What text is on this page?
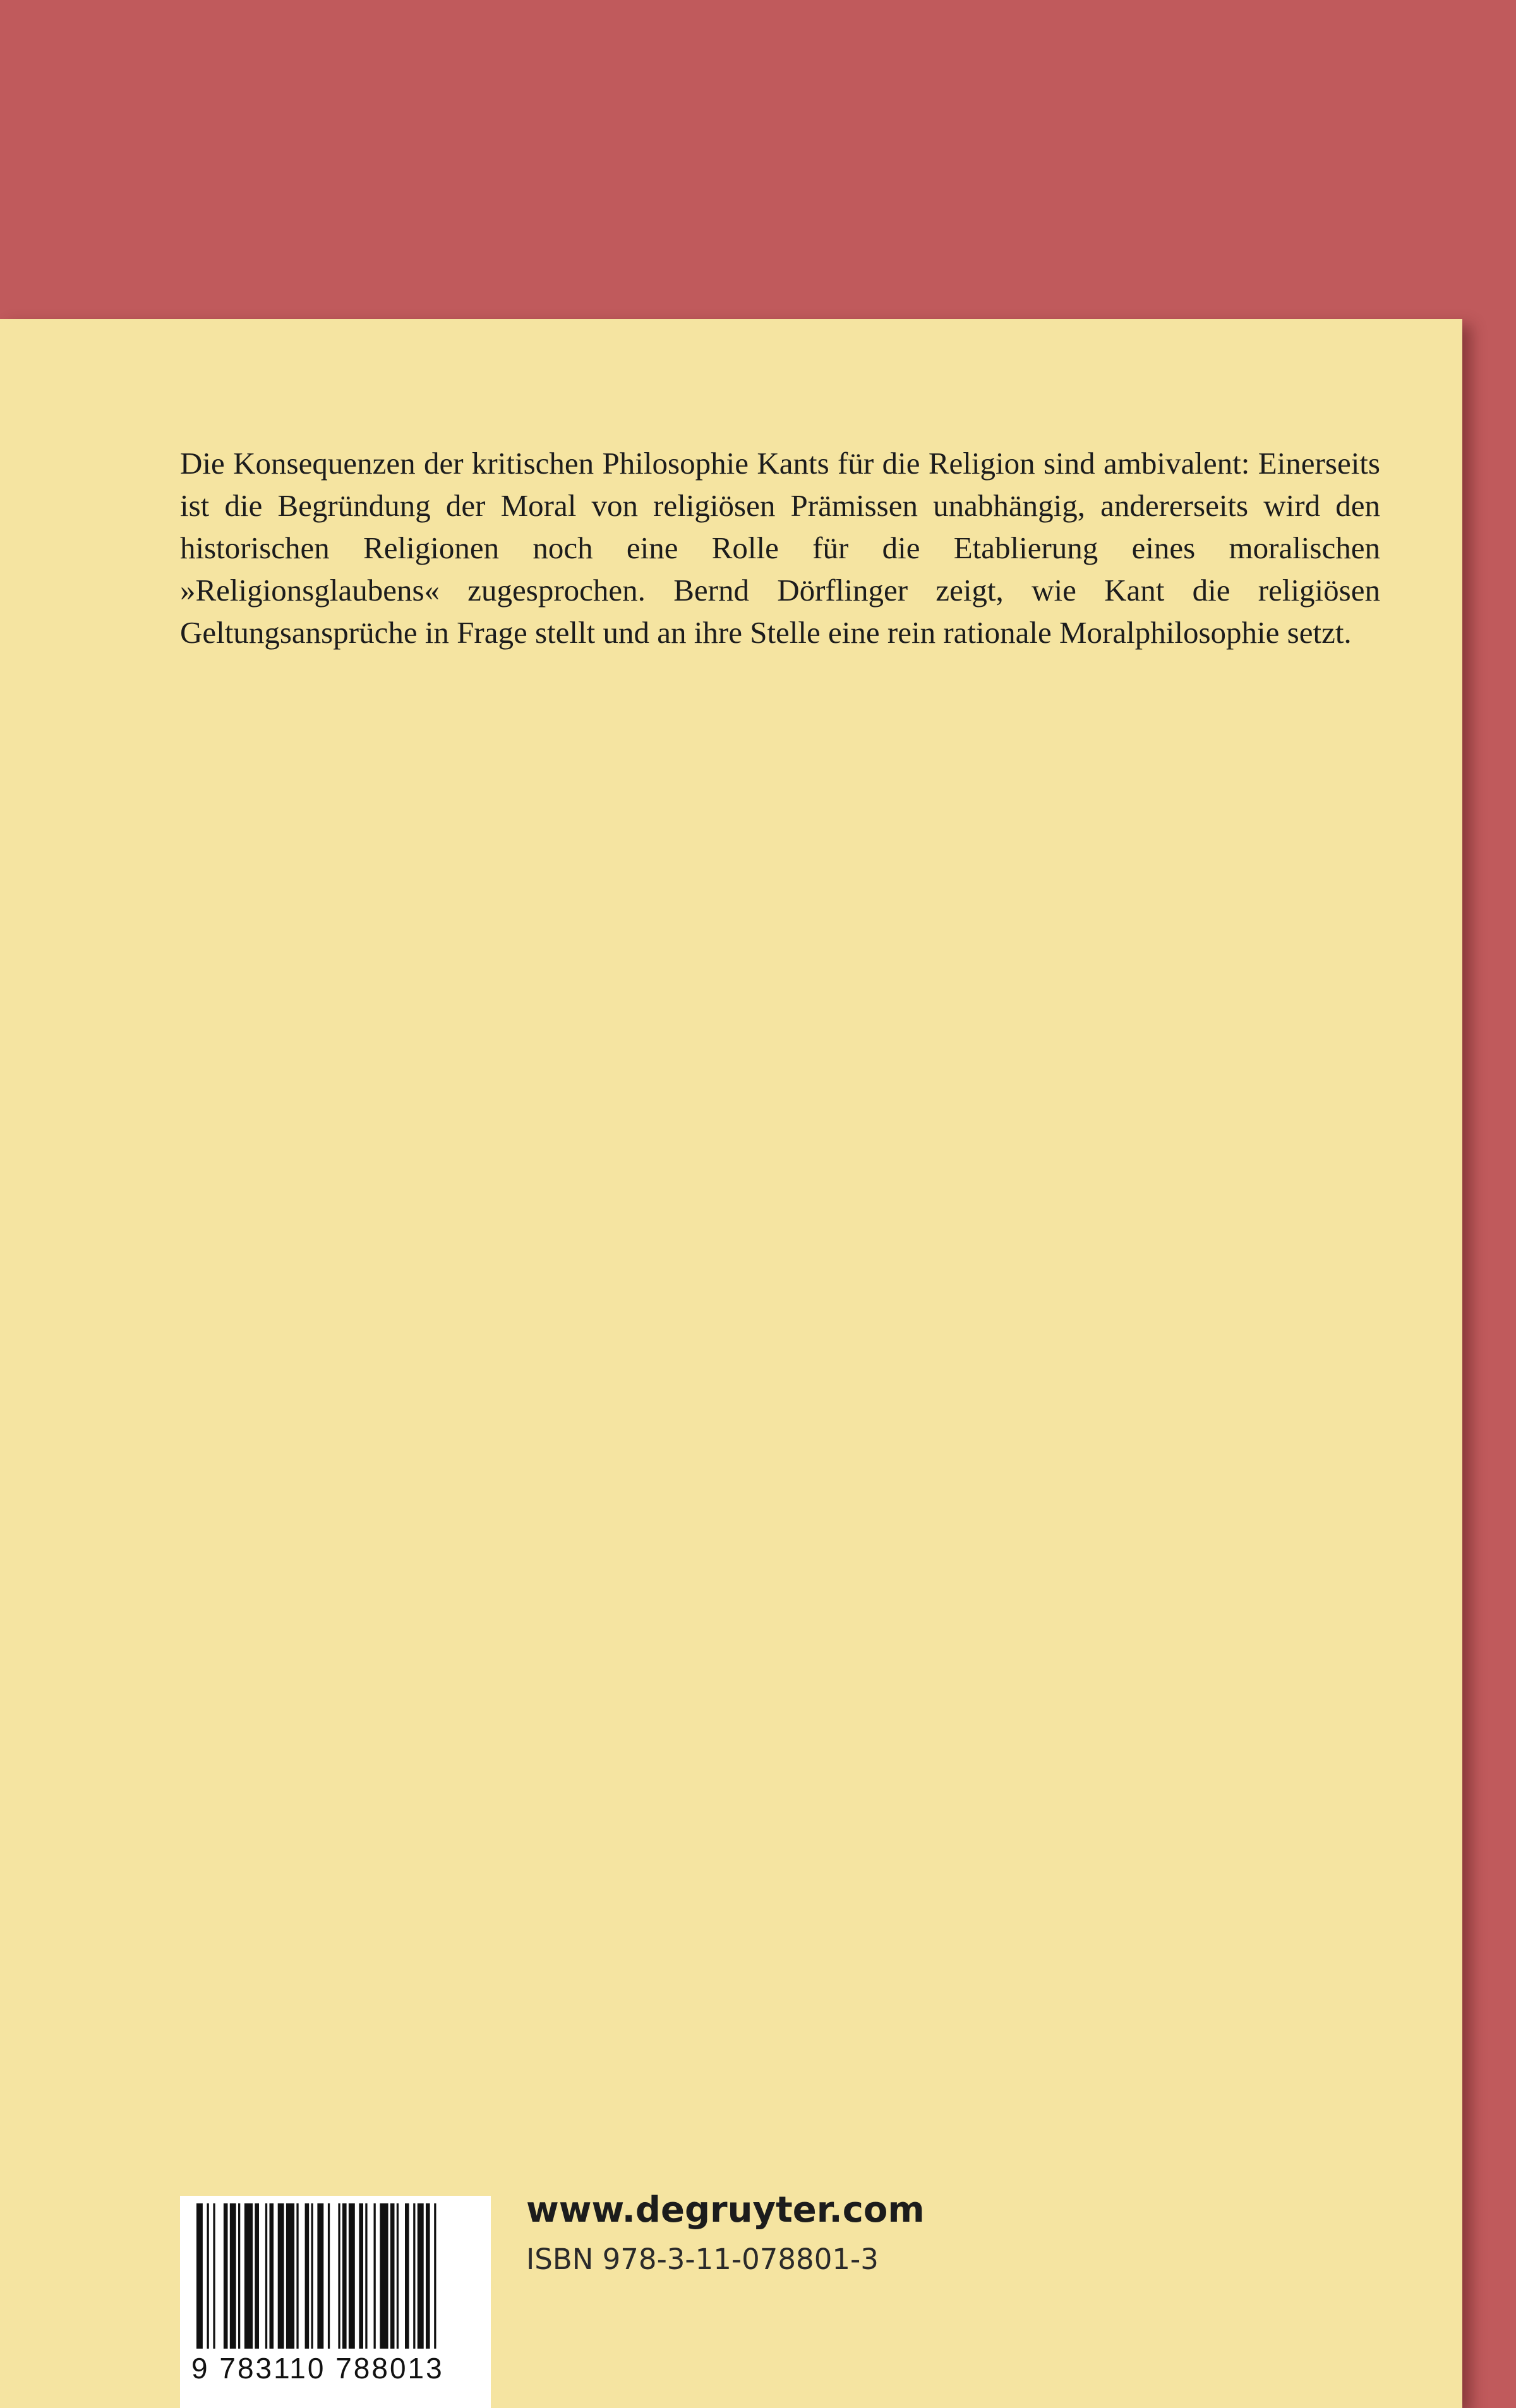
Die Konsequenzen der kritischen Philosophie Kants für die Religion sind ambivalent: Einerseits ist die Begründung der Moral von religiösen Prämissen unabhängig, andererseits wird den historischen Religionen noch eine Rolle für die Etablierung eines moralischen »Religionsglaubens« zugesprochen. Bernd Dörflinger zeigt, wie Kant die religiösen Geltungsansprüche in Frage stellt und an ihre Stelle eine rein rationale Moralphilosophie setzt.

9 783110 788013
www.degruyter.com
ISBN 978-3-11-078801-3
